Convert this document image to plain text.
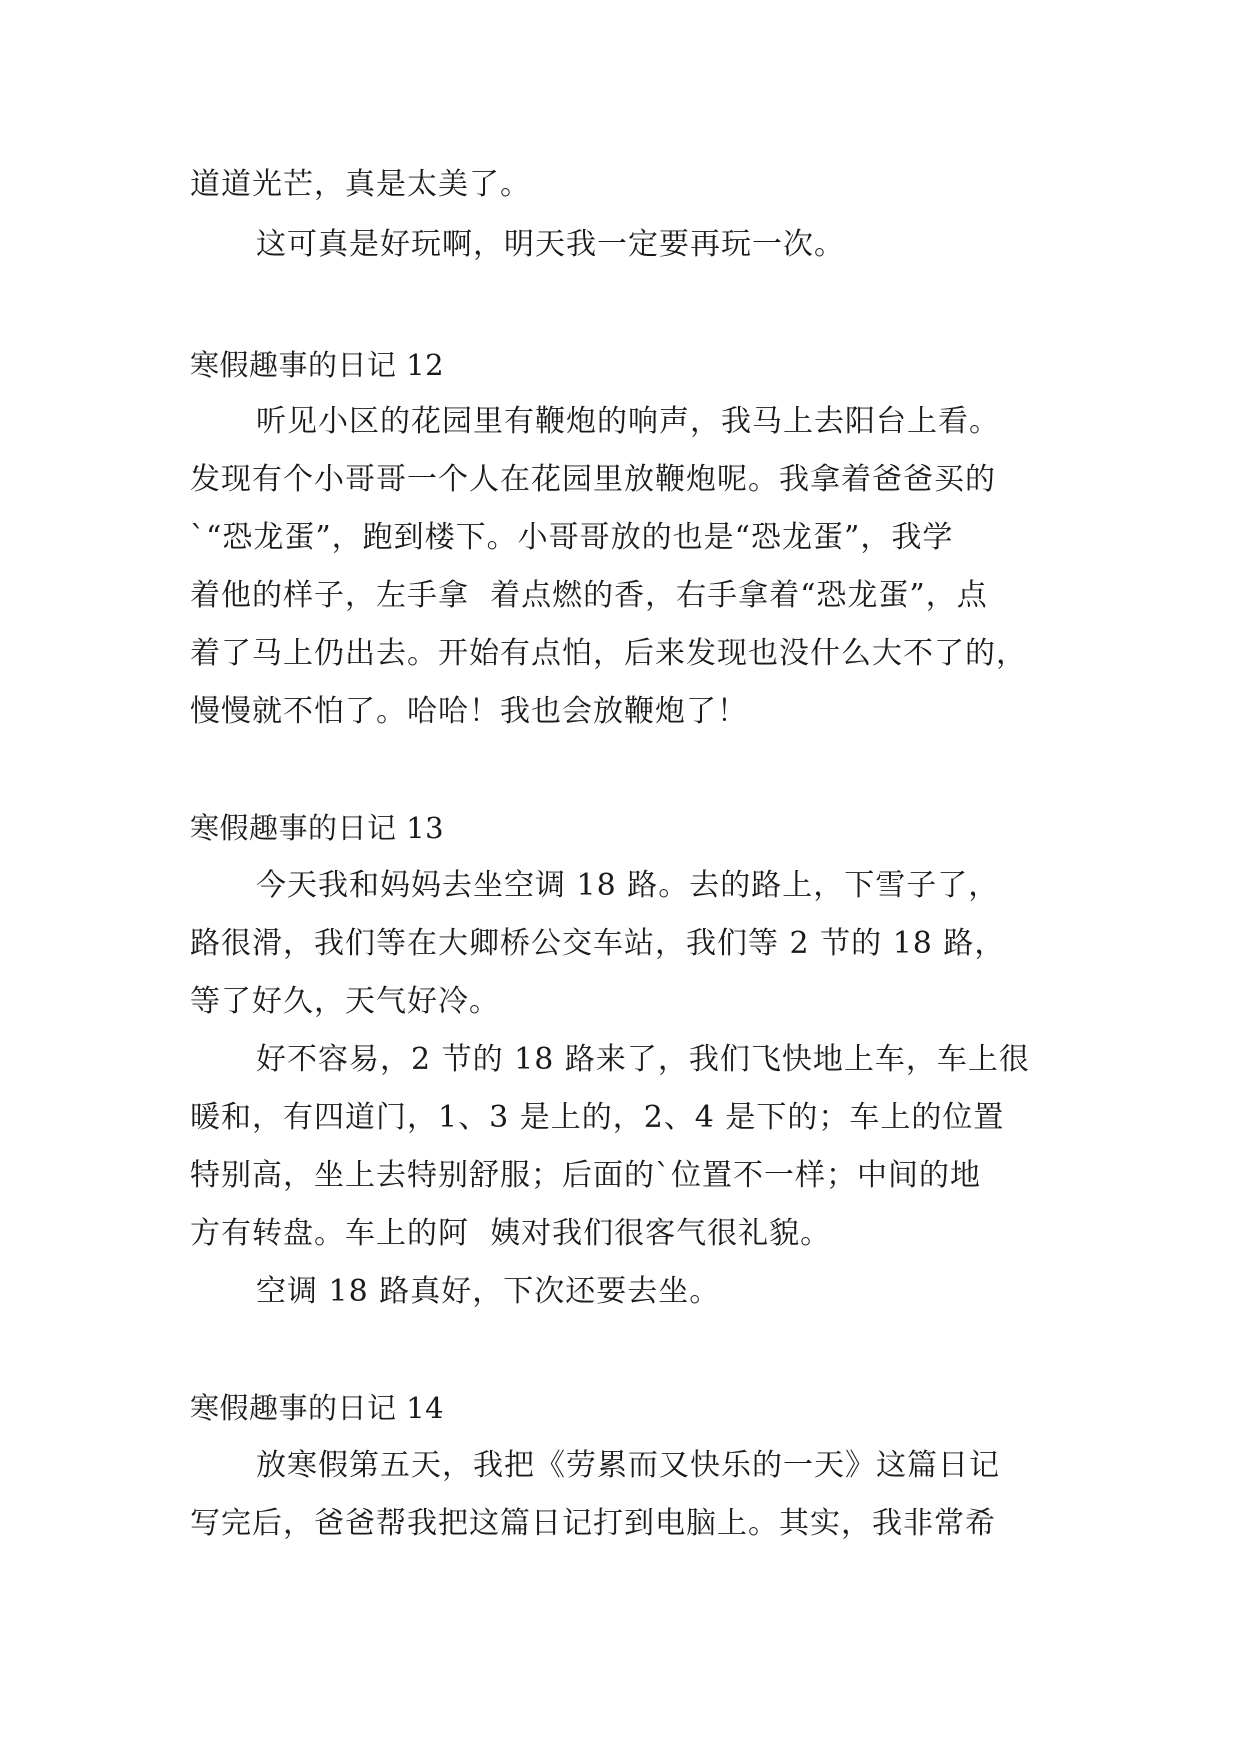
道道光芒，真是太美了。
这可真是好玩啊，明天我一定要再玩一次。
寒假趣事的日记 12
听见小区的花园里有鞭炮的响声，我马上去阳台上看。
发现有个小哥哥一个人在花园里放鞭炮呢。我拿着爸爸买的
`“恐龙蛋”，跑到楼下。小哥哥放的也是“恐龙蛋”，我学
着他的样子，左手拿  着点燃的香，右手拿着“恐龙蛋”，点
着了马上仍出去。开始有点怕，后来发现也没什么大不了的，
慢慢就不怕了。哈哈！我也会放鞭炮了！
寒假趣事的日记 13
今天我和妈妈去坐空调 18 路。去的路上，下雪子了，
路很滑，我们等在大卿桥公交车站，我们等 2 节的 18 路，
等了好久，天气好冷。
好不容易，2 节的 18 路来了，我们飞快地上车，车上很
暖和，有四道门，1、3 是上的，2、4 是下的；车上的位置
特别高，坐上去特别舒服；后面的`位置不一样；中间的地
方有转盘。车上的阿  姨对我们很客气很礼貌。
空调 18 路真好，下次还要去坐。
寒假趣事的日记 14
放寒假第五天，我把《劳累而又快乐的一天》这篇日记
写完后，爸爸帮我把这篇日记打到电脑上。其实，我非常希
